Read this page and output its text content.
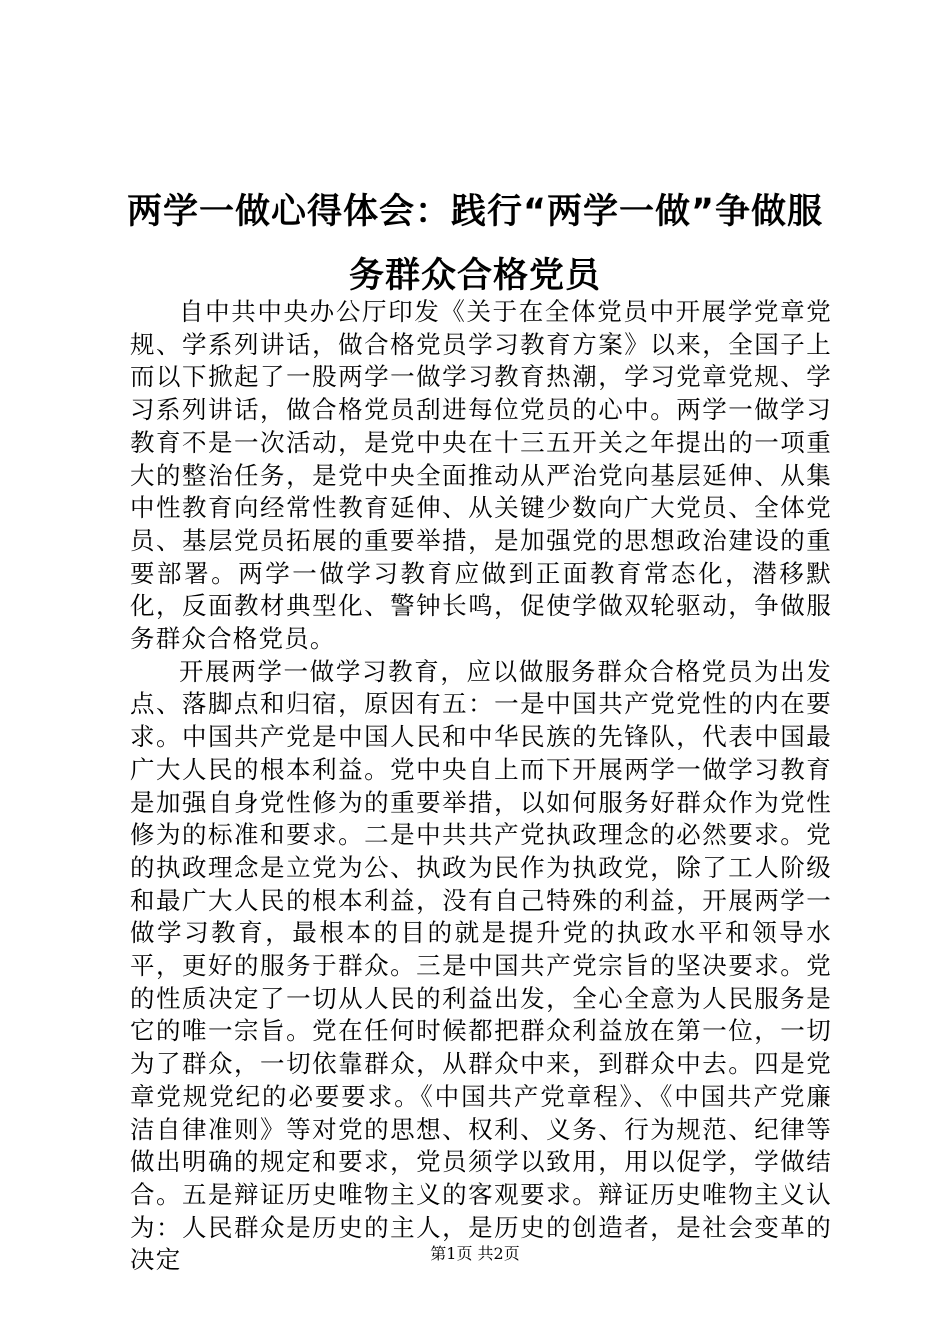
两学一做心得体会：践行“两学一做”争做服务群众合格党员

自中共中央办公厅印发《关于在全体党员中开展学党章党规、学系列讲话，做合格党员学习教育方案》以来，全国子上而以下掀起了一股两学一做学习教育热潮，学习党章党规、学习系列讲话，做合格党员刮进每位党员的心中。两学一做学习教育不是一次活动，是党中央在十三五开关之年提出的一项重大的整治任务，是党中央全面推动从严治党向基层延伸、从集中性教育向经常性教育延伸、从关键少数向广大党员、全体党员、基层党员拓展的重要举措，是加强党的思想政治建设的重要部署。两学一做学习教育应做到正面教育常态化，潜移默化，反面教材典型化、警钟长鸣，促使学做双轮驱动，争做服务群众合格党员。

开展两学一做学习教育，应以做服务群众合格党员为出发点、落脚点和归宿，原因有五：一是中国共产党党性的内在要求。中国共产党是中国人民和中华民族的先锋队，代表中国最广大人民的根本利益。党中央自上而下开展两学一做学习教育是加强自身党性修为的重要举措，以如何服务好群众作为党性修为的标准和要求。二是中共共产党执政理念的必然要求。党的执政理念是立党为公、执政为民作为执政党，除了工人阶级和最广大人民的根本利益，没有自己特殊的利益，开展两学一做学习教育，最根本的目的就是提升党的执政水平和领导水平，更好的服务于群众。三是中国共产党宗旨的坚决要求。党的性质决定了一切从人民的利益出发，全心全意为人民服务是它的唯一宗旨。党在任何时候都把群众利益放在第一位，一切为了群众，一切依靠群众，从群众中来，到群众中去。四是党章党规党纪的必要要求。《中国共产党章程》、《中国共产党廉洁自律准则》等对党的思想、权利、义务、行为规范、纪律等做出明确的规定和要求，党员须学以致用，用以促学，学做结合。五是辩证历史唯物主义的客观要求。辩证历史唯物主义认为：人民群众是历史的主人，是历史的创造者，是社会变革的决定	第1页 共2页
